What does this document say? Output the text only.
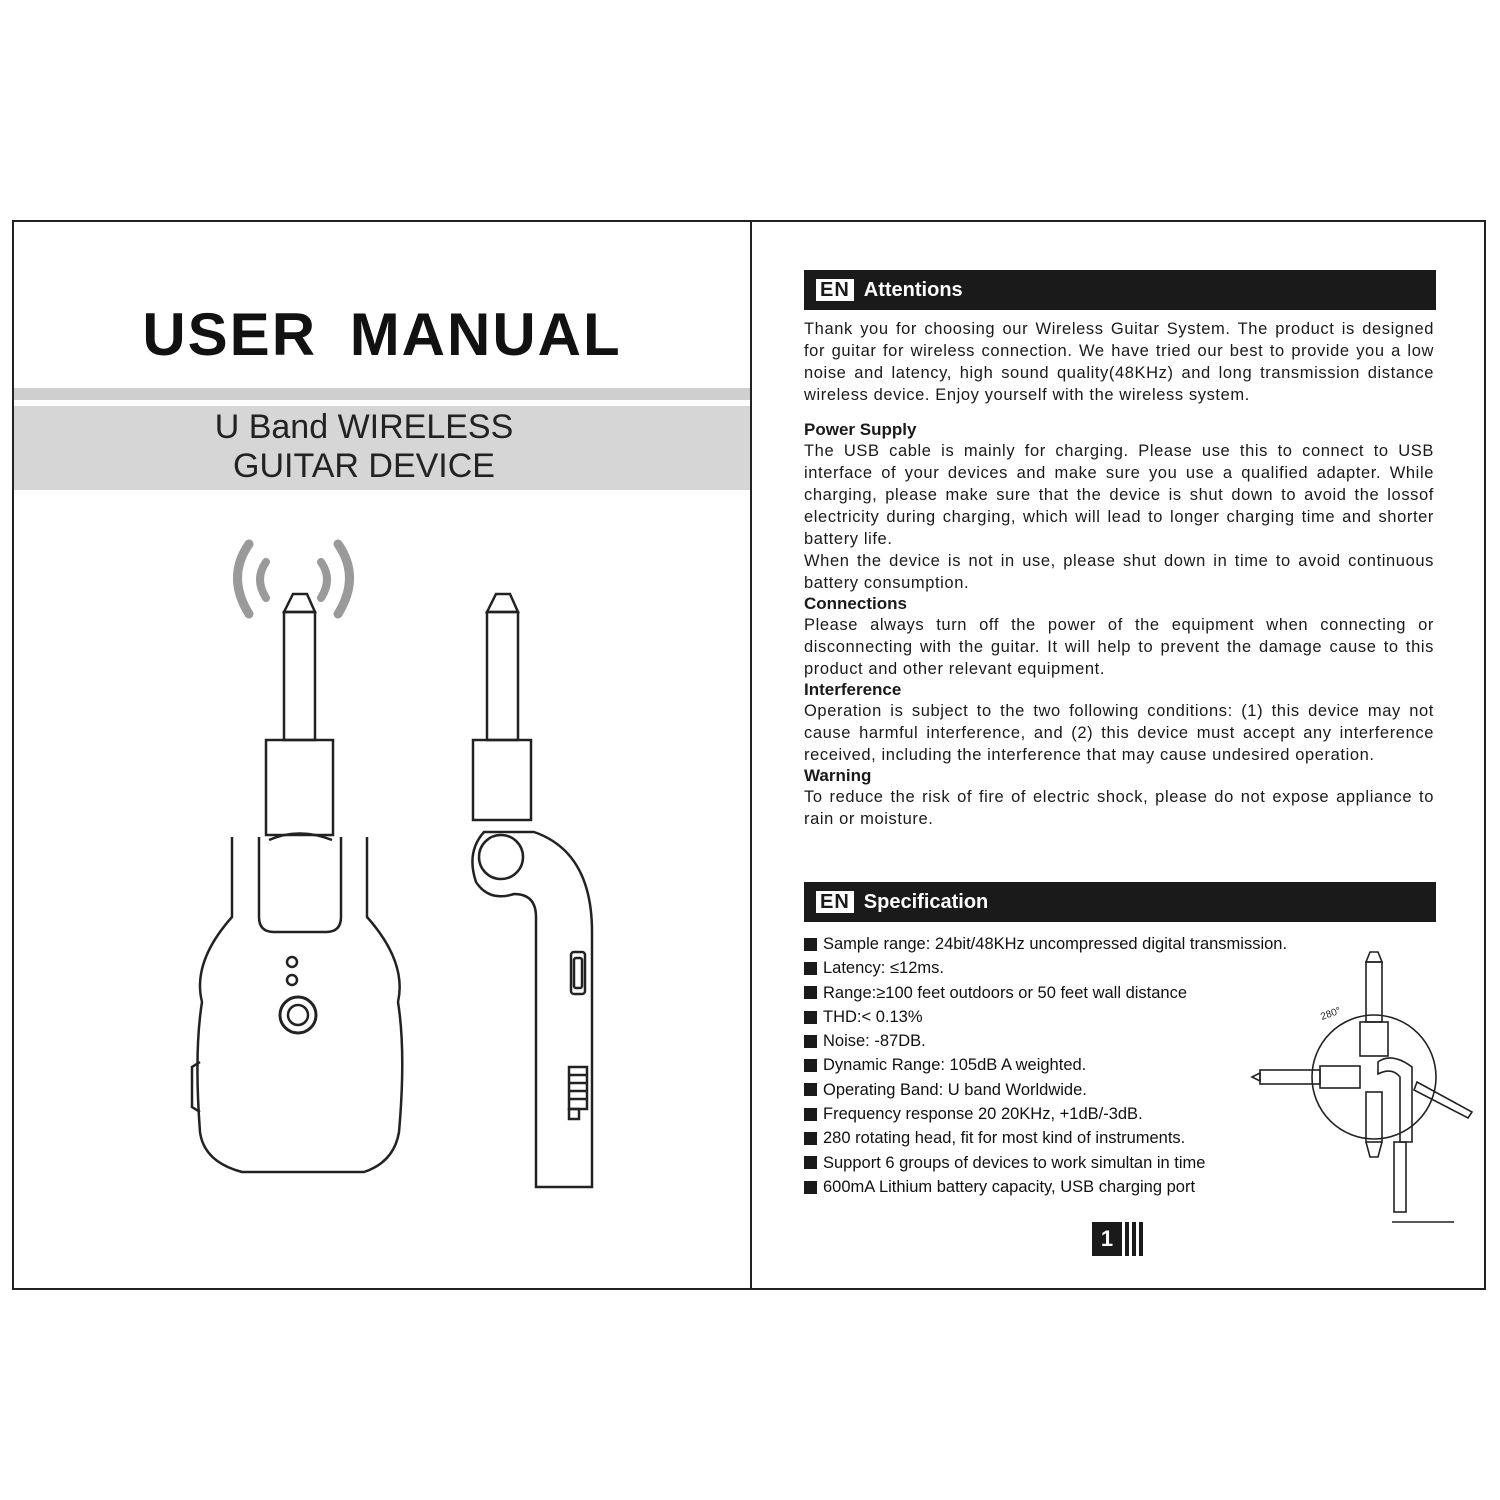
USER MANUAL
U Band WIRELESS
GUITAR DEVICE
EN Attentions

Thank you for choosing our Wireless Guitar System. The product is designed for guitar for wireless connection. We have tried our best to provide you a low noise and latency, high sound quality(48KHz) and long transmission distance wireless device. Enjoy yourself with the wireless system.

Power Supply

The USB cable is mainly for charging. Please use this to connect to USB interface of your devices and make sure you use a qualified adapter. While charging, please make sure that the device is shut down to avoid the lossof electricity during charging, which will lead to longer charging time and shorter battery life.

When the device is not in use, please shut down in time to avoid continuous battery consumption.

Connections

Please always turn off the power of the equipment when connecting or disconnecting with the guitar. It will help to prevent the damage cause to this product and other relevant equipment.

Interference

Operation is subject to the two following conditions: (1) this device may not cause harmful interference, and (2) this device must accept any interference received, including the interference that may cause undesired operation.

Warning

To reduce the risk of fire of electric shock, please do not expose appliance to rain or moisture.

EN Specification
Sample range: 24bit/48KHz uncompressed digital transmission.
Latency: ≤12ms.
Range:≥100 feet outdoors or 50 feet wall distance
THD:< 0.13%
Noise: -87DB.
Dynamic Range: 105dB A weighted.
Operating Band: U band Worldwide.
Frequency response 20 20KHz, +1dB/-3dB.
280 rotating head, fit for most kind of instruments.
Support 6 groups of devices to work simultan in time
600mA Lithium battery capacity, USB charging port
280°
1
